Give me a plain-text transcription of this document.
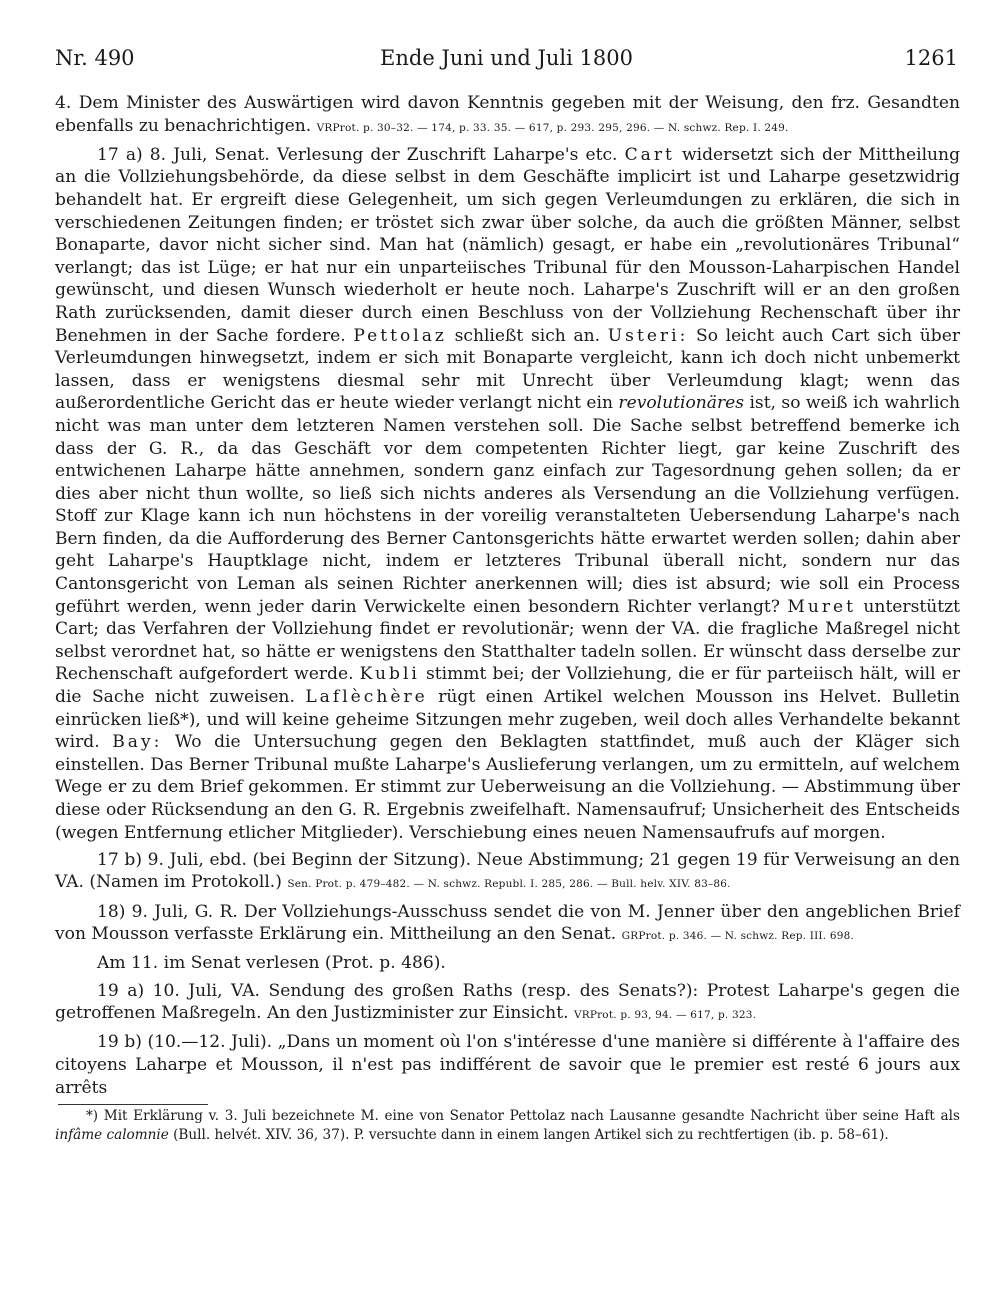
Nr. 490	Ende Juni und Juli 1800	1261

4. Dem Minister des Auswärtigen wird davon Kenntnis gegeben mit der Weisung, den frz. Gesandten ebenfalls zu benachrichtigen. VRProt. p. 30–32. — 174, p. 33. 35. — 617, p. 293. 295, 296. — N. schwz. Rep. I. 249.

17 a) 8. Juli, Senat. Verlesung der Zuschrift Laharpe's etc. Cart widersetzt sich der Mittheilung an die Vollziehungsbehörde, da diese selbst in dem Geschäfte implicirt ist und Laharpe gesetzwidrig behandelt hat. Er ergreift diese Gelegenheit, um sich gegen Verleumdungen zu erklären, die sich in verschiedenen Zeitungen finden; er tröstet sich zwar über solche, da auch die größten Männer, selbst Bonaparte, davor nicht sicher sind. Man hat (nämlich) gesagt, er habe ein „revolutionäres Tribunal“ verlangt; das ist Lüge; er hat nur ein unparteiisches Tribunal für den Mousson-Laharpischen Handel gewünscht, und diesen Wunsch wiederholt er heute noch. Laharpe's Zuschrift will er an den großen Rath zurücksenden, damit dieser durch einen Beschluss von der Vollziehung Rechenschaft über ihr Benehmen in der Sache fordere. Pettolaz schließt sich an. Usteri: So leicht auch Cart sich über Verleumdungen hinwegsetzt, indem er sich mit Bonaparte vergleicht, kann ich doch nicht unbemerkt lassen, dass er wenigstens diesmal sehr mit Unrecht über Verleumdung klagt; wenn das außerordentliche Gericht das er heute wieder verlangt nicht ein revolutionäres ist, so weiß ich wahrlich nicht was man unter dem letzteren Namen verstehen soll. Die Sache selbst betreffend bemerke ich dass der G. R., da das Geschäft vor dem competenten Richter liegt, gar keine Zuschrift des entwichenen Laharpe hätte annehmen, sondern ganz einfach zur Tagesordnung gehen sollen; da er dies aber nicht thun wollte, so ließ sich nichts anderes als Versendung an die Vollziehung verfügen. Stoff zur Klage kann ich nun höchstens in der voreilig veranstalteten Uebersendung Laharpe's nach Bern finden, da die Aufforderung des Berner Cantonsgerichts hätte erwartet werden sollen; dahin aber geht Laharpe's Hauptklage nicht, indem er letzteres Tribunal überall nicht, sondern nur das Cantonsgericht von Leman als seinen Richter anerkennen will; dies ist absurd; wie soll ein Process geführt werden, wenn jeder darin Verwickelte einen besondern Richter verlangt? Muret unterstützt Cart; das Verfahren der Vollziehung findet er revolutionär; wenn der VA. die fragliche Maßregel nicht selbst verordnet hat, so hätte er wenigstens den Statthalter tadeln sollen. Er wünscht dass derselbe zur Rechenschaft aufgefordert werde. Kubli stimmt bei; der Vollziehung, die er für parteiisch hält, will er die Sache nicht zuweisen. Laflèchère rügt einen Artikel welchen Mousson ins Helvet. Bulletin einrücken ließ*), und will keine geheime Sitzungen mehr zugeben, weil doch alles Verhandelte bekannt wird. Bay: Wo die Untersuchung gegen den Beklagten stattfindet, muß auch der Kläger sich einstellen. Das Berner Tribunal mußte Laharpe's Auslieferung verlangen, um zu ermitteln, auf welchem Wege er zu dem Brief gekommen. Er stimmt zur Ueberweisung an die Vollziehung. — Abstimmung über diese oder Rücksendung an den G. R. Ergebnis zweifelhaft. Namensaufruf; Unsicherheit des Entscheids (wegen Entfernung etlicher Mitglieder). Verschiebung eines neuen Namensaufrufs auf morgen.

17 b) 9. Juli, ebd. (bei Beginn der Sitzung). Neue Abstimmung; 21 gegen 19 für Verweisung an den VA. (Namen im Protokoll.) Sen. Prot. p. 479–482. — N. schwz. Republ. I. 285, 286. — Bull. helv. XIV. 83–86.

18) 9. Juli, G. R. Der Vollziehungs-Ausschuss sendet die von M. Jenner über den angeblichen Brief von Mousson verfasste Erklärung ein. Mittheilung an den Senat. GRProt. p. 346. — N. schwz. Rep. III. 698.

Am 11. im Senat verlesen (Prot. p. 486).

19 a) 10. Juli, VA. Sendung des großen Raths (resp. des Senats?): Protest Laharpe's gegen die getroffenen Maßregeln. An den Justizminister zur Einsicht. VRProt. p. 93, 94. — 617, p. 323.

19 b) (10.—12. Juli). „Dans un moment où l'on s'intéresse d'une manière si différente à l'affaire des citoyens Laharpe et Mousson, il n'est pas indifférent de savoir que le premier est resté 6 jours aux arrêts

*) Mit Erklärung v. 3. Juli bezeichnete M. eine von Senator Pettolaz nach Lausanne gesandte Nachricht über seine Haft als infâme calomnie (Bull. helvét. XIV. 36, 37). P. versuchte dann in einem langen Artikel sich zu rechtfertigen (ib. p. 58–61).
